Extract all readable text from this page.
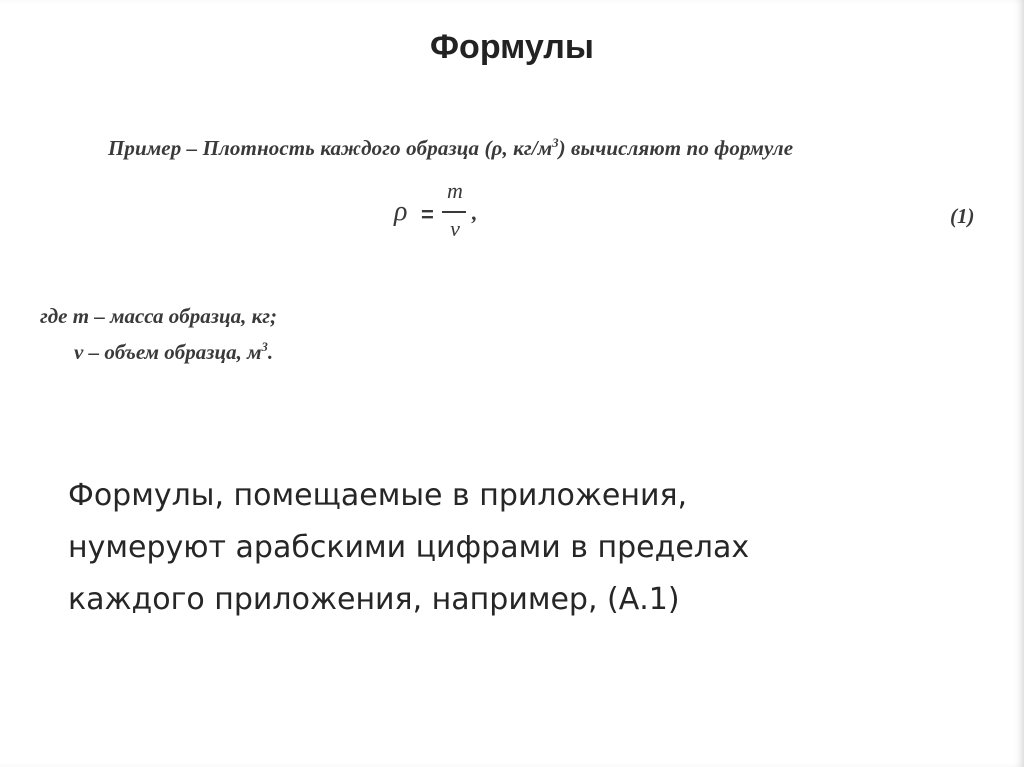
Формулы
Пример – Плотность каждого образца (ρ, $кг/м^3$) вычисляют по формуле
ρ =
m
v
,	(1)
где m – масса образца, кг;
v – объем образца, $м^3$.
Формулы, помещаемые в приложения,
нумеруют арабскими цифрами в пределах
каждого приложения, например, (А.1)
